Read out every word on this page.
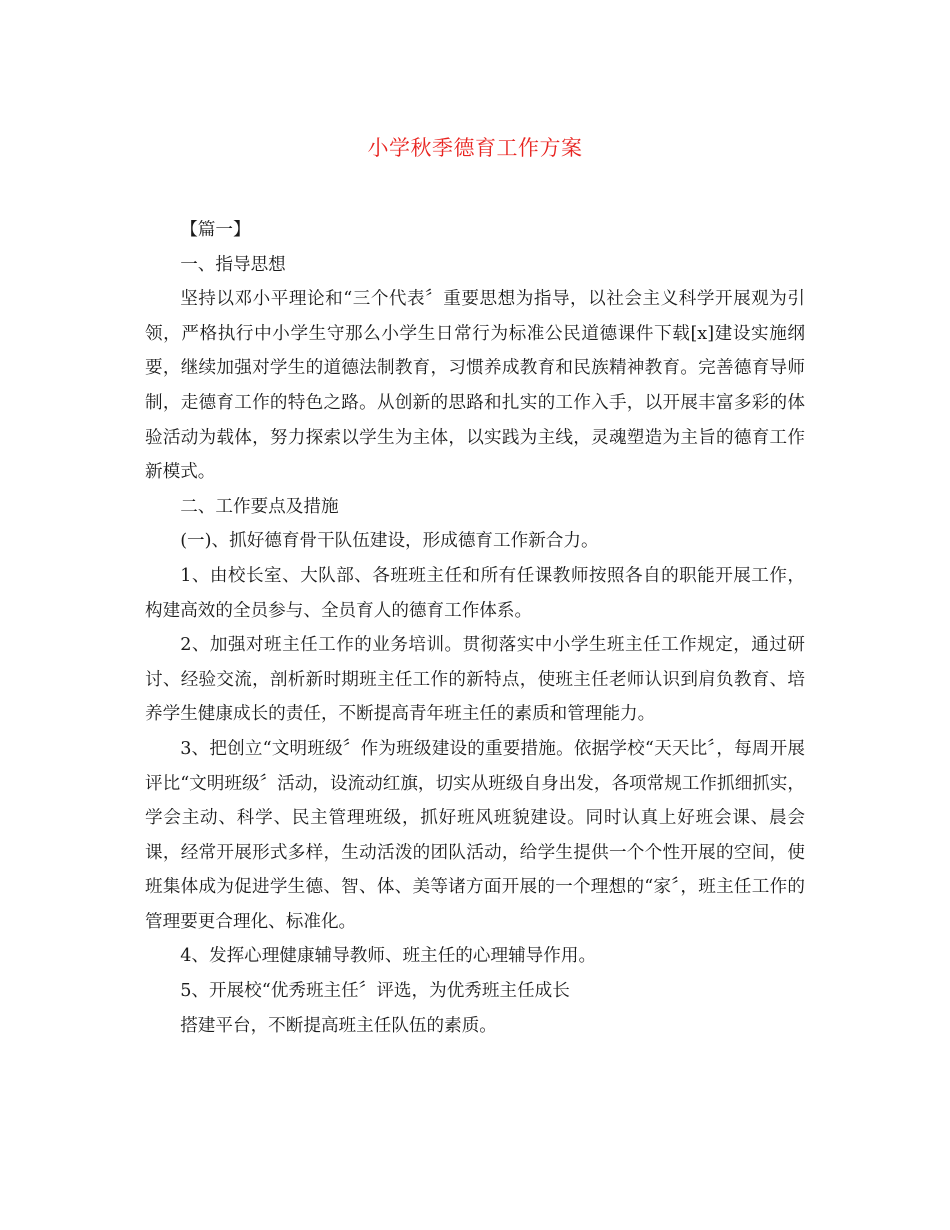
小学秋季德育工作方案

【篇一】

一、指导思想

坚持以邓小平理论和“三个代表〞重要思想为指导，以社会主义科学开展观为引领，严格执行中小学生守那么小学生日常行为标准公民道德课件下载[x]建设实施纲要，继续加强对学生的道德法制教育，习惯养成教育和民族精神教育。完善德育导师制，走德育工作的特色之路。从创新的思路和扎实的工作入手，以开展丰富多彩的体验活动为载体，努力探索以学生为主体，以实践为主线，灵魂塑造为主旨的德育工作新模式。

二、工作要点及措施

(一)、抓好德育骨干队伍建设，形成德育工作新合力。

1、由校长室、大队部、各班班主任和所有任课教师按照各自的职能开展工作，构建高效的全员参与、全员育人的德育工作体系。

2、加强对班主任工作的业务培训。贯彻落实中小学生班主任工作规定，通过研讨、经验交流，剖析新时期班主任工作的新特点，使班主任老师认识到肩负教育、培养学生健康成长的责任，不断提高青年班主任的素质和管理能力。

3、把创立“文明班级〞作为班级建设的重要措施。依据学校“天天比〞，每周开展评比“文明班级〞活动，设流动红旗，切实从班级自身出发，各项常规工作抓细抓实，学会主动、科学、民主管理班级，抓好班风班貌建设。同时认真上好班会课、晨会课，经常开展形式多样，生动活泼的团队活动，给学生提供一个个性开展的空间，使班集体成为促进学生德、智、体、美等诸方面开展的一个理想的“家〞，班主任工作的管理要更合理化、标准化。

4、发挥心理健康辅导教师、班主任的心理辅导作用。

5、开展校“优秀班主任〞评选，为优秀班主任成长

搭建平台，不断提高班主任队伍的素质。
